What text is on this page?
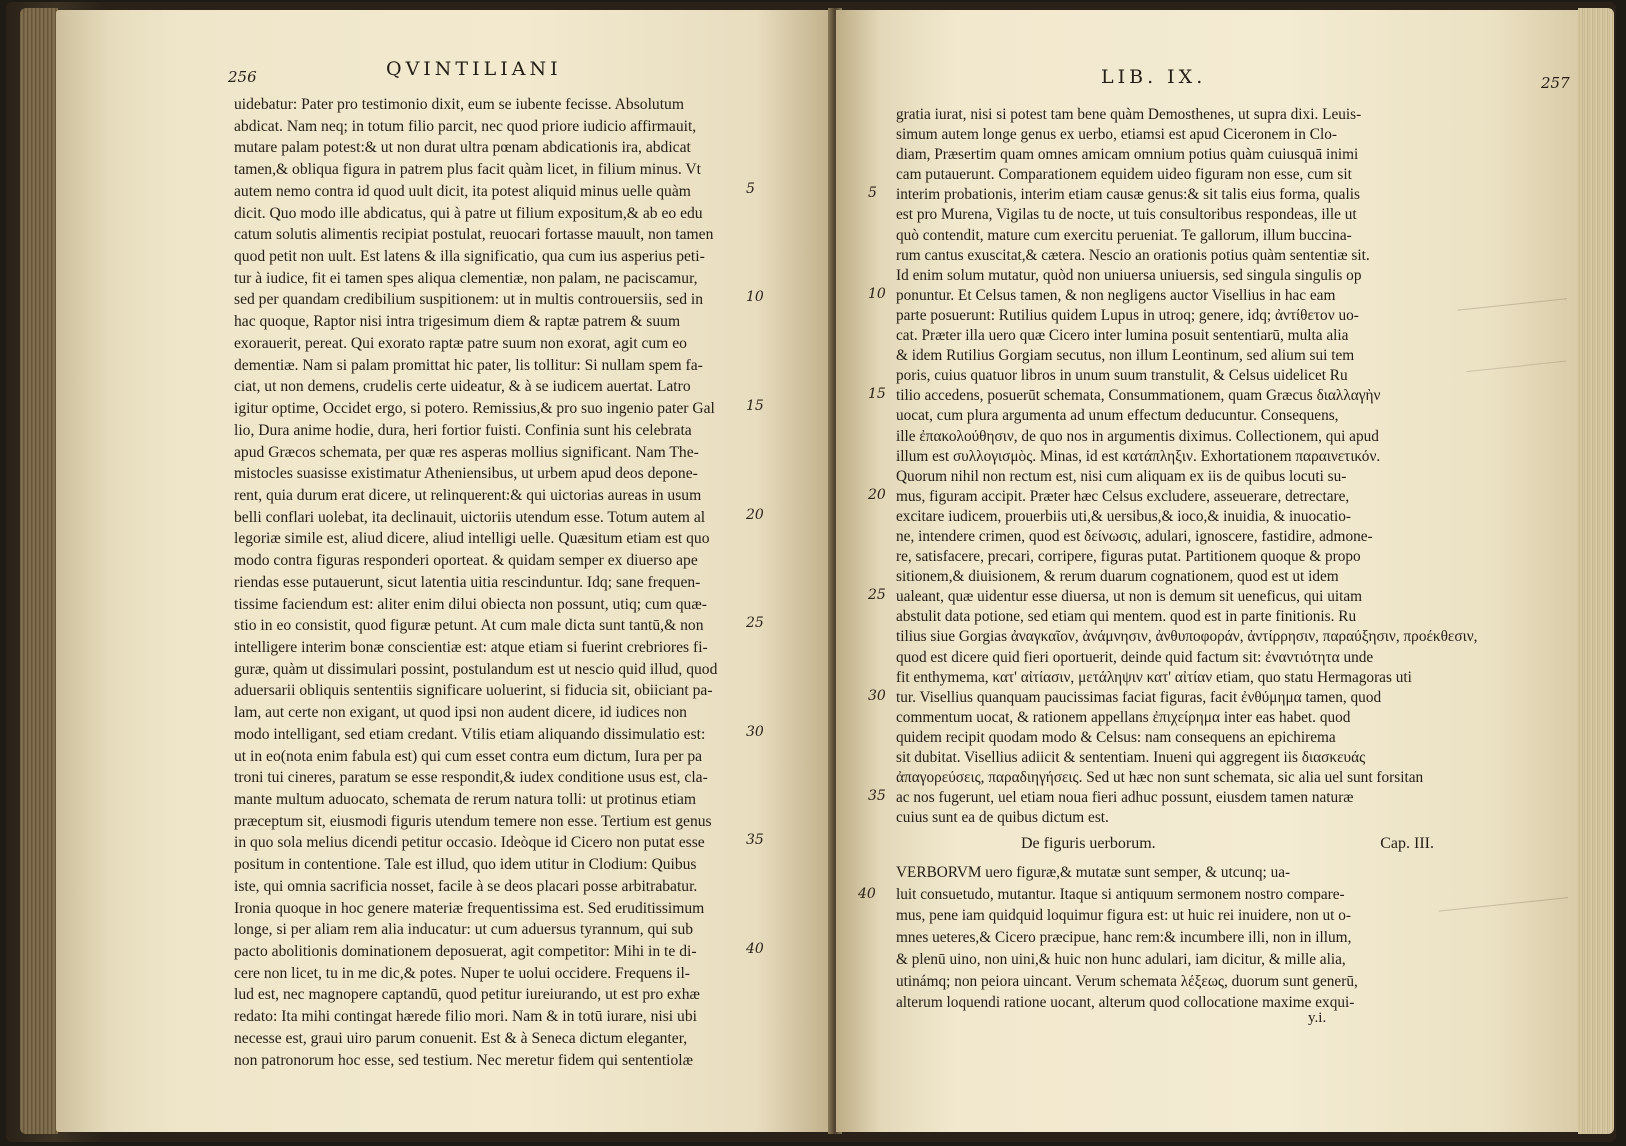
256	QVINTILIANI
uidebatur: Pater pro testimonio dixit, eum se iubente fecisse. Absolutum
abdicat. Nam neq; in totum filio parcit, nec quod priore iudicio affirmauit,
mutare palam potest:& ut non durat ultra pœnam abdicationis ira, abdicat
tamen,& obliqua figura in patrem plus facit quàm licet, in filium minus. Vt
autem nemo contra id quod uult dicit, ita potest aliquid minus uelle quàm
dicit. Quo modo ille abdicatus, qui à patre ut filium expositum,& ab eo edu
catum solutis alimentis recipiat postulat, reuocari fortasse mauult, non tamen
quod petit non uult. Est latens & illa significatio, qua cum ius asperius peti-
tur à iudice, fit ei tamen spes aliqua clementiæ, non palam, ne paciscamur,
sed per quandam credibilium suspitionem: ut in multis controuersiis, sed in
hac quoque, Raptor nisi intra trigesimum diem & raptæ patrem & suum
exorauerit, pereat. Qui exorato raptæ patre suum non exorat, agit cum eo
dementiæ. Nam si palam promittat hic pater, lis tollitur: Si nullam spem fa-
ciat, ut non demens, crudelis certe uideatur, & à se iudicem auertat. Latro
igitur optime, Occidet ergo, si potero. Remissius,& pro suo ingenio pater Gal
lio, Dura anime hodie, dura, heri fortior fuisti. Confinia sunt his celebrata
apud Græcos schemata, per quæ res asperas mollius significant. Nam The-
mistocles suasisse existimatur Atheniensibus, ut urbem apud deos depone-
rent, quia durum erat dicere, ut relinquerent:& qui uictorias aureas in usum
belli conflari uolebat, ita declinauit, uictoriis utendum esse. Totum autem al
legoriæ simile est, aliud dicere, aliud intelligi uelle. Quæsitum etiam est quo
modo contra figuras responderi oporteat. & quidam semper ex diuerso ape
riendas esse putauerunt, sicut latentia uitia rescinduntur. Idq; sane frequen-
tissime faciendum est: aliter enim dilui obiecta non possunt, utiq; cum quæ-
stio in eo consistit, quod figuræ petunt. At cum male dicta sunt tantū,& non
intelligere interim bonæ conscientiæ est: atque etiam si fuerint crebriores fi-
guræ, quàm ut dissimulari possint, postulandum est ut nescio quid illud, quod
aduersarii obliquis sententiis significare uoluerint, si fiducia sit, obiiciant pa-
lam, aut certe non exigant, ut quod ipsi non audent dicere, id iudices non
modo intelligant, sed etiam credant. Vtilis etiam aliquando dissimulatio est:
ut in eo(nota enim fabula est) qui cum esset contra eum dictum, Iura per pa
troni tui cineres, paratum se esse respondit,& iudex conditione usus est, cla-
mante multum aduocato, schemata de rerum natura tolli: ut protinus etiam
præceptum sit, eiusmodi figuris utendum temere non esse. Tertium est genus
in quo sola melius dicendi petitur occasio. Ideòque id Cicero non putat esse
positum in contentione. Tale est illud, quo idem utitur in Clodium: Quibus
iste, qui omnia sacrificia nosset, facile à se deos placari posse arbitrabatur.
Ironia quoque in hoc genere materiæ frequentissima est. Sed eruditissimum
longe, si per aliam rem alia inducatur: ut cum aduersus tyrannum, qui sub
pacto abolitionis dominationem deposuerat, agit competitor: Mihi in te di-
cere non licet, tu in me dic,& potes. Nuper te uolui occidere. Frequens il-
lud est, nec magnopere captandū, quod petitur iureiurando, ut est pro exhæ
redato: Ita mihi contingat hærede filio mori. Nam & in totū iurare, nisi ubi
necesse est, graui uiro parum conuenit. Est & à Seneca dictum eleganter,
non patronorum hoc esse, sed testium. Nec meretur fidem qui sententiolæ
5
10
15
20
25
30
35
40
LIB. IX.	257
gratia iurat, nisi si potest tam bene quàm Demosthenes, ut supra dixi. Leuis-
simum autem longe genus ex uerbo, etiamsi est apud Ciceronem in Clo-
diam, Præsertim quam omnes amicam omnium potius quàm cuiusquā inimi
cam putauerunt. Comparationem equidem uideo figuram non esse, cum sit
interim probationis, interim etiam causæ genus:& sit talis eius forma, qualis
est pro Murena, Vigilas tu de nocte, ut tuis consultoribus respondeas, ille ut
quò contendit, mature cum exercitu perueniat. Te gallorum, illum buccina-
rum cantus exuscitat,& cætera. Nescio an orationis potius quàm sententiæ sit.
Id enim solum mutatur, quòd non uniuersa uniuersis, sed singula singulis op
ponuntur. Et Celsus tamen, & non negligens auctor Visellius in hac eam
parte posuerunt: Rutilius quidem Lupus in utroq; genere, idq; ἀντίθετον uo-
cat. Præter illa uero quæ Cicero inter lumina posuit sententiarū, multa alia
& idem Rutilius Gorgiam secutus, non illum Leontinum, sed alium sui tem
poris, cuius quatuor libros in unum suum transtulit, & Celsus uidelicet Ru
tilio accedens, posuerūt schemata, Consummationem, quam Græcus διαλλαγὴν
uocat, cum plura argumenta ad unum effectum deducuntur. Consequens,
ille ἐπακολούθησιν, de quo nos in argumentis diximus. Collectionem, qui apud
illum est συλλογισμὸς. Minas, id est κατάπληξιν. Exhortationem παραινετικόν.
Quorum nihil non rectum est, nisi cum aliquam ex iis de quibus locuti su-
mus, figuram accipit. Præter hæc Celsus excludere, asseuerare, detrectare,
excitare iudicem, prouerbiis uti,& uersibus,& ioco,& inuidia, & inuocatio-
ne, intendere crimen, quod est δείνωσις, adulari, ignoscere, fastidire, admone-
re, satisfacere, precari, corripere, figuras putat. Partitionem quoque & propo
sitionem,& diuisionem, & rerum duarum cognationem, quod est ut idem
ualeant, quæ uidentur esse diuersa, ut non is demum sit ueneficus, qui uitam
abstulit data potione, sed etiam qui mentem. quod est in parte finitionis. Ru
tilius siue Gorgias ἀναγκαῖον, ἀνάμνησιν, ἀνθυποφοράν, ἀντίρρησιν, παραύξησιν, προέκθεσιν,
quod est dicere quid fieri oportuerit, deinde quid factum sit: ἐναντιότητα unde
fit enthymema, κατ' αἰτίασιν, μετάληψιν κατ' αἰτίαν etiam, quo statu Hermagoras uti
tur. Visellius quanquam paucissimas faciat figuras, facit ἐνθύμημα tamen, quod
commentum uocat, & rationem appellans ἐπιχείρημα inter eas habet. quod
quidem recipit quodam modo & Celsus: nam consequens an epichirema
sit dubitat. Visellius adiicit & sententiam. Inueni qui aggregent iis διασκευάς
ἀπαγορεύσεις, παραδιηγήσεις. Sed ut hæc non sunt schemata, sic alia uel sunt forsitan
ac nos fugerunt, uel etiam noua fieri adhuc possunt, eiusdem tamen naturæ
cuius sunt ea de quibus dictum est.
5
10
15
20
25
30
35
De figuris uerborum.	Cap. III.
VERBORVM uero figuræ,& mutatæ sunt semper, & utcunq; ua-
luit consuetudo, mutantur. Itaque si antiquum sermonem nostro compare-
mus, pene iam quidquid loquimur figura est: ut huic rei inuidere, non ut o-
mnes ueteres,& Cicero præcipue, hanc rem:& incumbere illi, non in illum,
& plenū uino, non uini,& huic non hunc adulari, iam dicitur, & mille alia,
utinámq; non peiora uincant. Verum schemata λέξεως, duorum sunt generū,
alterum loquendi ratione uocant, alterum quod collocatione maxime exqui-
40
y.i.
